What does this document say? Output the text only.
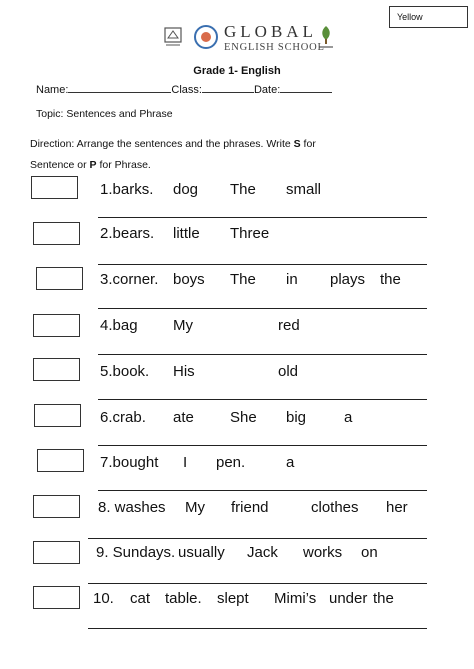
Yellow
GLOBAL
ENGLISH SCHOOL
Grade 1- English
Name:	Class:	Date:
Topic: Sentences and Phrase
Direction: Arrange the sentences and the phrases. Write S for
Sentence or P for Phrase.
1.barks. dog The small
2.bears. little Three
3.corner. boys The in plays the
4.bag My	red
5.book. His	old
6.crab. ate She big	a
7.bought I pen.	a
8. washes My friend	clothes her
9. Sundays. usually Jack works on
10. cat table. slept Mimi’s under the
